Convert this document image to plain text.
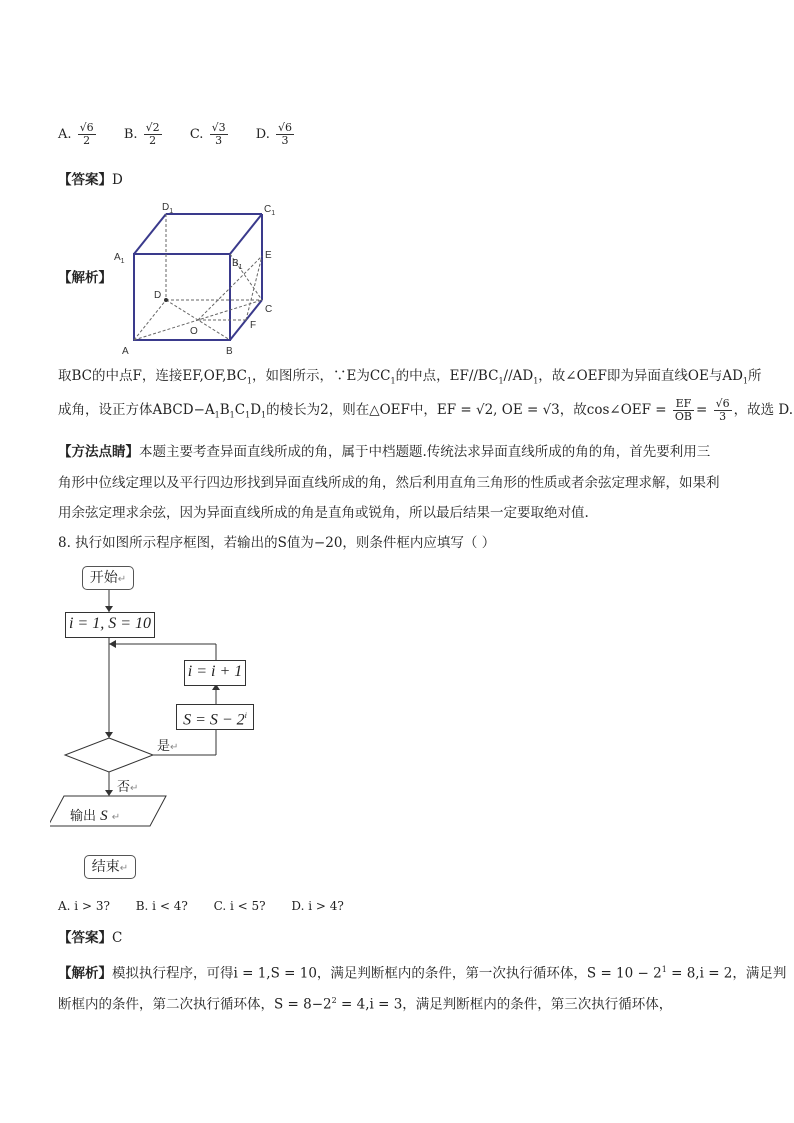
A. $\frac{√6}{2} B$. $\frac{√2}{2} C$. $\frac{√3}{3} D$. $\frac{√6}{3}$
【答案】D
【解析】
$D_1$	$C_1$
$A_1$	$B_1$
E
D
O
C
F
A	B
取BC的中点F，连接$EF,OF,BC_1$，如图所示，∵E为$CC_1$的中点，$EF//BC_1//AD_1$，故∠OEF即为异面直线OE与$AD_1$所
成角，设正方体$ABCD-A_1B_1C_1D_1$的棱长为2，则在△OEF中，EF = √2, OE = √3，故cos∠OEF = $\frac{EF}{OB} = \frac{√6}{3}$ ，故选 D.
【方法点睛】本题主要考查异面直线所成的角，属于中档题题.传统法求异面直线所成的角的角，首先要利用三
角形中位线定理以及平行四边形找到异面直线所成的角，然后利用直角三角形的性质或者余弦定理求解，如果利
用余弦定理求余弦，因为异面直线所成的角是直角或锐角，所以最后结果一定要取绝对值.
8. 执行如图所示程序框图，若输出的S值为−20，则条件框内应填写（ ）
开始↵
i = 1, S = 10
i = i + 1
$S = S - 2^i$
是↵
否↵
输出 S ↵
结束↵
A. i > 3? B. i < 4? C. i < 5? D. i > 4?
【答案】C
【解析】模拟执行程序，可得i = 1,S = 10，满足判断框内的条件，第一次执行循环体，$S = 10 - 2^1 = 8,i = 2$，满足判
断框内的条件，第二次执行循环体，$S = 8-2^2 = 4,i = 3$，满足判断框内的条件，第三次执行循环体，
